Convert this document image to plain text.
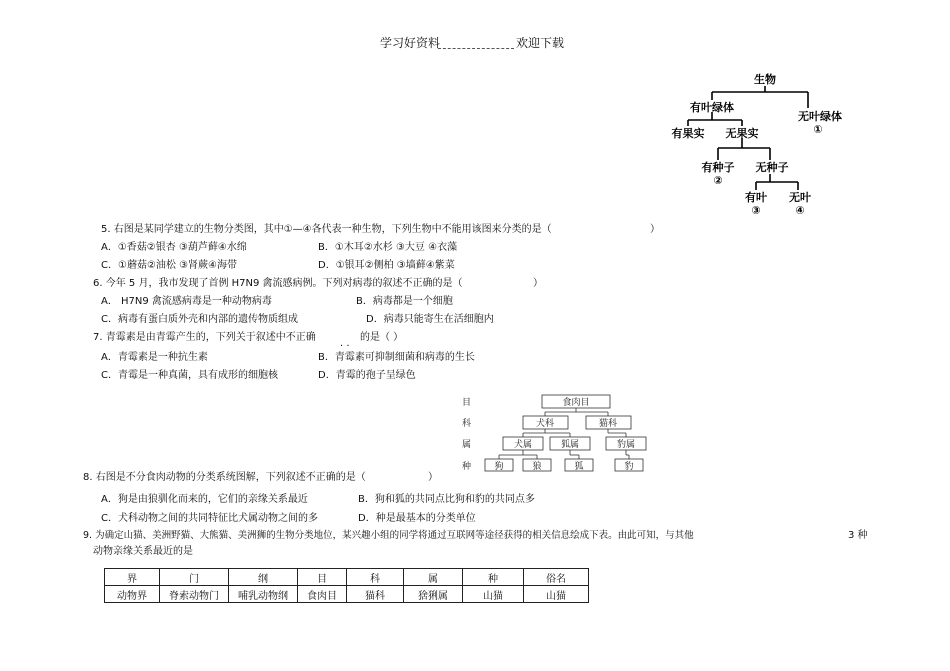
学习好资料	欢迎下载
生物
有叶绿体
无叶绿体
①
有果实 无果实
有种子
②
无种子
有叶
③
无叶
④
5. 右图是某同学建立的生物分类图，其中①—④各代表一种生物，下列生物中不能用该图来分类的是（	）
A．①香菇②银杏 ③葫芦藓④水绵	B．①木耳②水杉 ③大豆 ④衣藻
C．①蘑菇②油松 ③肾蕨④海带	D．①银耳②侧柏 ③墙藓④紫菜
6. 今年 5 月，我市发现了首例 H7N9 禽流感病例。下列对病毒的叙述不正确的是（	）
A． H7N9 禽流感病毒是一种动物病毒	B．病毒都是一个细胞
C．病毒有蛋白质外壳和内部的遗传物质组成	D．病毒只能寄生在活细胞内
7. 青霉素是由青霉产生的，下列关于叙述中不正确
. .
的是（ ）
A．青霉素是一种抗生素	B．青霉素可抑制细菌和病毒的生长
C．青霉是一种真菌，具有成形的细胞核	D．青霉的孢子呈绿色
目
科
属
种
食肉目
犬科	猫科
犬属	狐属	豹属
狗	狼	狐	豹
8. 右图是不分食肉动物的分类系统图解，下列叙述不正确的是（	）
A．狗是由狼驯化而来的，它们的亲缘关系最近	B．狗和狐的共同点比狗和豹的共同点多
C．犬科动物之间的共同特征比犬属动物之间的多	D．种是最基本的分类单位
9. 为确定山猫、美洲野猫、大熊猫、美洲狮的生物分类地位，某兴趣小组的同学将通过互联网等途径获得的相关信息绘成下表。由此可知，与其他	3 种
动物亲缘关系最近的是
界	门	纲	目	科	属	种	俗名
动物界	脊索动物门	哺乳动物纲	食肉目	猫科	猞猁属	山猫	山猫
